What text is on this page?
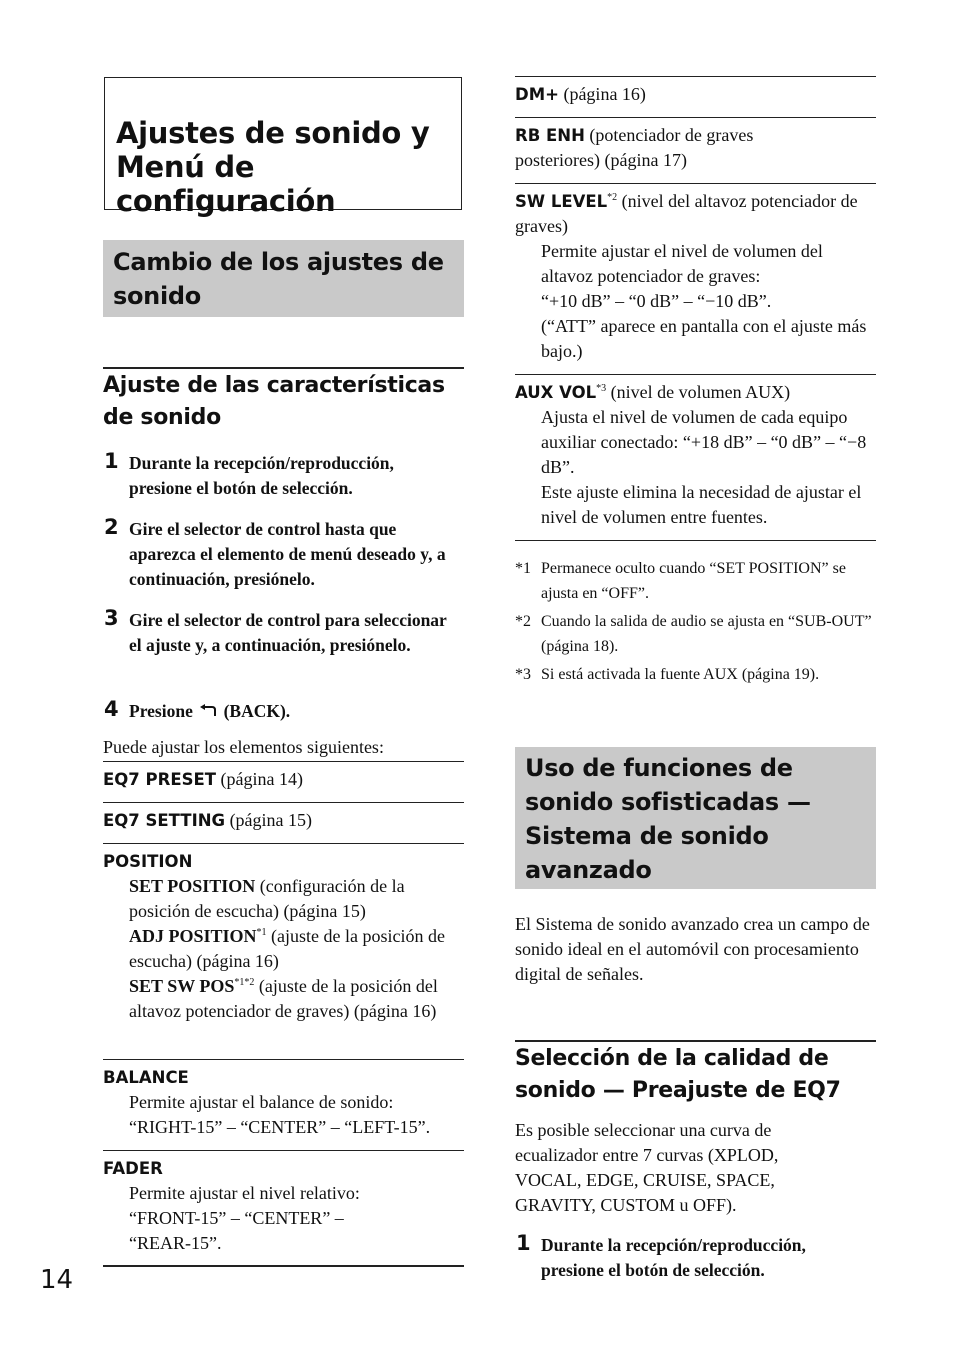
Ajustes de sonido y Menú de configuración
Cambio de los ajustes de sonido
Ajuste de las características de sonido
1 Durante la recepción/reproducción, presione el botón de selección.
2 Gire el selector de control hasta que aparezca el elemento de menú deseado y, a continuación, presiónelo.
3 Gire el selector de control para seleccionar el ajuste y, a continuación, presiónelo.
4 Presione (BACK).
Puede ajustar los elementos siguientes:
EQ7 PRESET (página 14)
EQ7 SETTING (página 15)
POSITION
SET POSITION (configuración de la posición de escucha) (página 15)
ADJ POSITION$^{*1}$ (ajuste de la posición de escucha) (página 16)
SET SW $POS^{*1*2}$ (ajuste de la posición del altavoz potenciador de graves) (página 16)
BALANCE
Permite ajustar el balance de sonido:
“RIGHT-15” – “CENTER” – “LEFT-15”.
FADER
Permite ajustar el nivel relativo:
“FRONT-15” – “CENTER” –
“REAR-15”.
14
DM+ (página 16)
RB ENH (potenciador de graves posteriores) (página 17)
SW LEVEL$^{*2}$ (nivel del altavoz potenciador de graves)
Permite ajustar el nivel de volumen del altavoz potenciador de graves:
“+10 dB” – “0 dB” – “−10 dB”.
(“ATT” aparece en pantalla con el ajuste más bajo.)
AUX VOL$^{*3}$ (nivel de volumen AUX)
Ajusta el nivel de volumen de cada equipo auxiliar conectado: “+18 dB” – “0 dB” – “−8 dB”.
Este ajuste elimina la necesidad de ajustar el nivel de volumen entre fuentes.
*1 Permanece oculto cuando “SET POSITION” se ajusta en “OFF”.
*2 Cuando la salida de audio se ajusta en “SUB-OUT” (página 18).
*3 Si está activada la fuente AUX (página 19).
Uso de funciones de sonido sofisticadas — Sistema de sonido avanzado
El Sistema de sonido avanzado crea un campo de sonido ideal en el automóvil con procesamiento digital de señales.
Selección de la calidad de sonido — Preajuste de EQ7
Es posible seleccionar una curva de ecualizador entre 7 curvas (XPLOD, VOCAL, EDGE, CRUISE, SPACE, GRAVITY, CUSTOM u OFF).
1 Durante la recepción/reproducción, presione el botón de selección.
